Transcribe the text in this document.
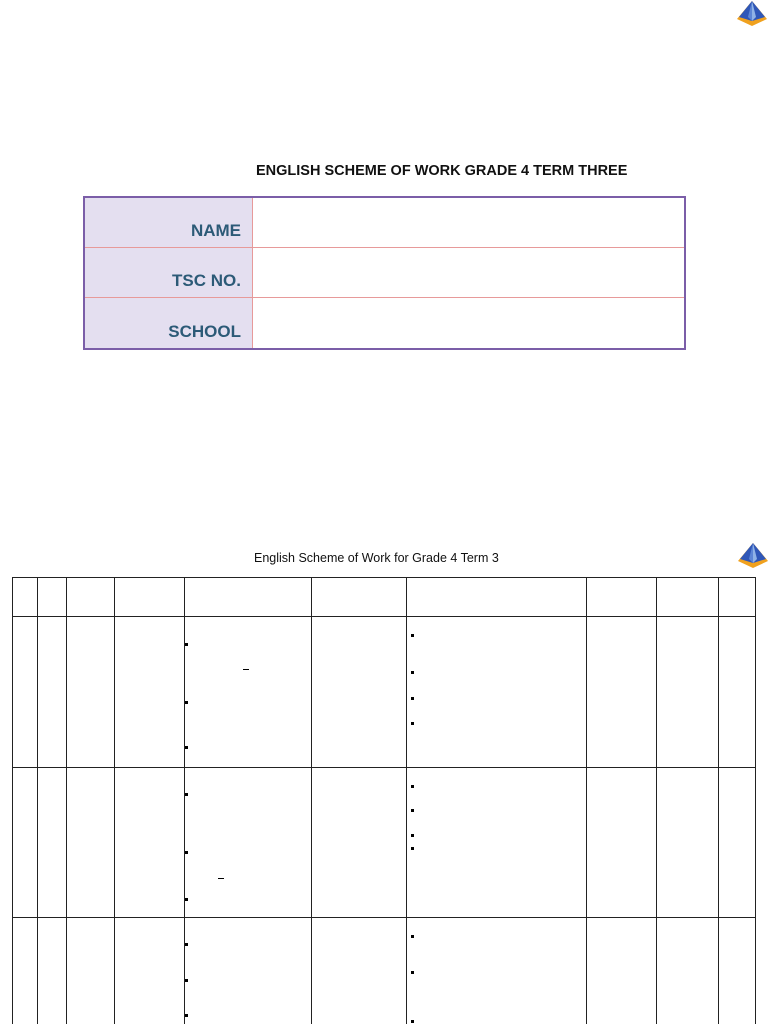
ENGLISH SCHEME OF WORK GRADE 4 TERM THREE
NAME
TSC NO.
SCHOOL
English Scheme of Work for Grade 4 Term 3
